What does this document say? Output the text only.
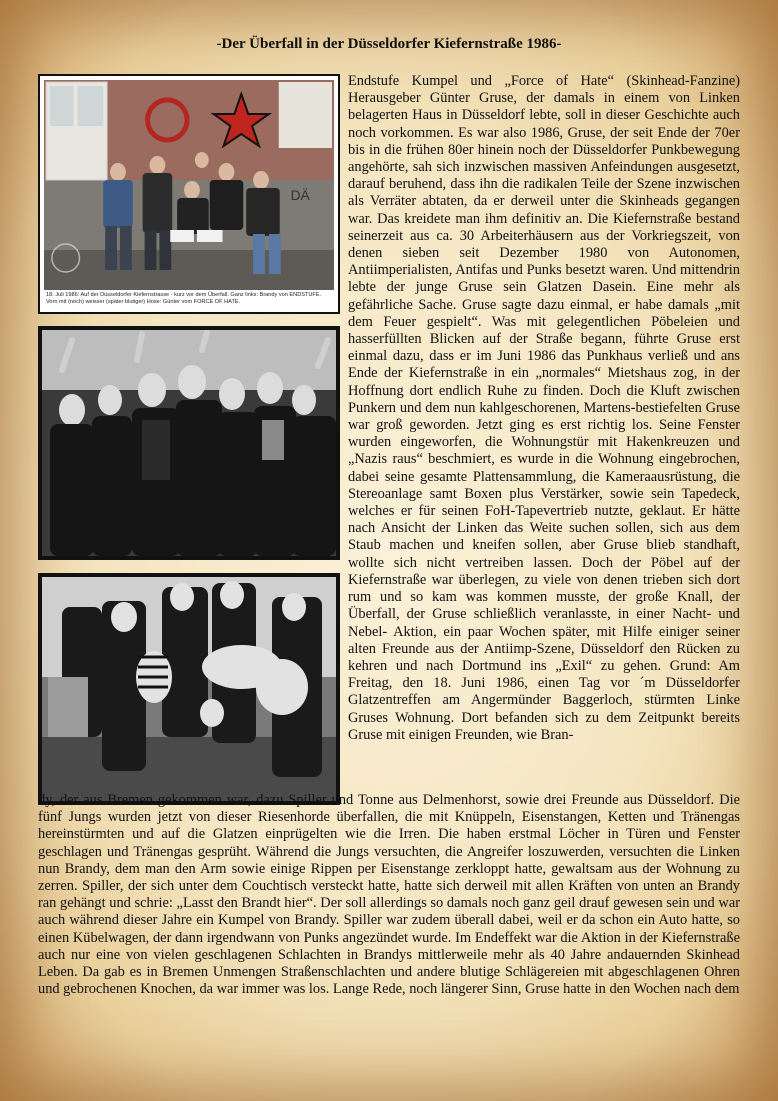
-Der Überfall in der Düsseldorfer Kiefernstraße 1986-
DÄ
18. Juli 1986: Auf der Düsseldorfer Kiefernstrasse - kurz vor dem Überfall. Ganz links: Brandy von ENDSTUFE. Vorn mit (noch) weisser (später blutiger) Hose: Günter vom FORCE OF HATE.

Endstufe Kumpel und „Force of Hate“ (Skinhead-Fanzine) Herausgeber Günter Gruse, der damals in einem von Linken belagerten Haus in Düsseldorf lebte, soll in dieser Geschichte auch noch vorkommen. Es war also 1986, Gruse, der seit Ende der 70er bis in die frühen 80er hinein noch der Düsseldorfer Punkbewegung angehörte, sah sich inzwischen massiven Anfeindungen ausgesetzt, darauf beruhend, dass ihn die radikalen Teile der Szene inzwischen als Verräter abtaten, da er derweil unter die Skinheads gegangen war. Das kreidete man ihm definitiv an. Die Kiefernstraße bestand seinerzeit aus ca. 30 Arbeiterhäusern aus der Vorkriegszeit, von denen sieben seit Dezember 1980 von Autonomen, Antiimperialisten, Antifas und Punks besetzt waren. Und mittendrin lebte der junge Gruse sein Glatzen Dasein. Eine mehr als gefährliche Sache. Gruse sagte dazu einmal, er habe damals „mit dem Feuer gespielt“. Was mit gelegentlichen Pöbeleien und hasserfüllten Blicken auf der Straße begann, führte Gruse erst einmal dazu, dass er im Juni 1986 das Punkhaus verließ und ans Ende der Kiefernstraße in ein „normales“ Mietshaus zog, in der Hoffnung dort endlich Ruhe zu finden. Doch die Kluft zwischen Punkern und dem nun kahlgeschorenen, Martens-bestiefelten Gruse war groß geworden. Jetzt ging es erst richtig los. Seine Fenster wurden eingeworfen, die Wohnungstür mit Hakenkreuzen und „Nazis raus“ beschmiert, es wurde in die Wohnung eingebrochen, dabei seine gesamte Plattensammlung, die Kameraausrüstung, die Stereoanlage samt Boxen plus Verstärker, sowie sein Tapedeck, welches er für seinen FoH-Tapevertrieb nutzte, geklaut. Er hätte nach Ansicht der Linken das Weite suchen sollen, sich aus dem Staub machen und kneifen sollen, aber Gruse blieb standhaft, wollte sich nicht vertreiben lassen. Doch der Pöbel auf der Kiefernstraße war überlegen, zu viele von denen trieben sich dort rum und so kam was kommen musste, der große Knall, der Überfall, der Gruse schließlich veranlasste, in einer Nacht- und Nebel- Aktion, ein paar Wochen später, mit Hilfe einiger seiner alten Freunde aus der Antiimp-Szene, Düsseldorf den Rücken zu kehren und nach Dortmund ins „Exil“ zu gehen. Grund: Am Freitag, den 18. Juni 1986, einen Tag vor ´m Düsseldorfer Glatzentreffen am Angermünder Baggerloch, stürmten Linke Gruses Wohnung. Dort befanden sich zu dem Zeitpunkt bereits Gruse mit einigen Freunden, wie Bran-

dy, der aus Bremen gekommen war, dazu Spiller und Tonne aus Delmenhorst, sowie drei Freunde aus Düsseldorf. Die fünf Jungs wurden jetzt von dieser Riesenhorde überfallen, die mit Knüppeln, Eisenstangen, Ketten und Tränengas hereinstürmten und auf die Glatzen einprügelten wie die Irren. Die haben erstmal Löcher in Türen und Fenster geschlagen und Tränengas gesprüht. Während die Jungs versuchten, die Angreifer loszuwerden, versuchten die Linken nun Brandy, dem man den Arm sowie einige Rippen per Eisenstange zerkloppt hatte, gewaltsam aus der Wohnung zu zerren. Spiller, der sich unter dem Couchtisch versteckt hatte, hatte sich derweil mit allen Kräften von unten an Brandy ran gehängt und schrie: „Lasst den Brandt hier“. Der soll allerdings so damals noch ganz geil drauf gewesen sein und war auch während dieser Jahre ein Kumpel von Brandy. Spiller war zudem überall dabei, weil er da schon ein Auto hatte, so einen Kübelwagen, der dann irgendwann von Punks angezündet wurde. Im Endeffekt war die Aktion in der Kiefernstraße auch nur eine von vielen geschlagenen Schlachten in Brandys mittlerweile mehr als 40 Jahre andauernden Skinhead Leben. Da gab es in Bremen Unmengen Straßenschlachten und andere blutige Schlägereien mit abgeschlagenen Ohren und gebrochenen Knochen, da war immer was los. Lange Rede, noch längerer Sinn, Gruse hatte in den Wochen nach dem
